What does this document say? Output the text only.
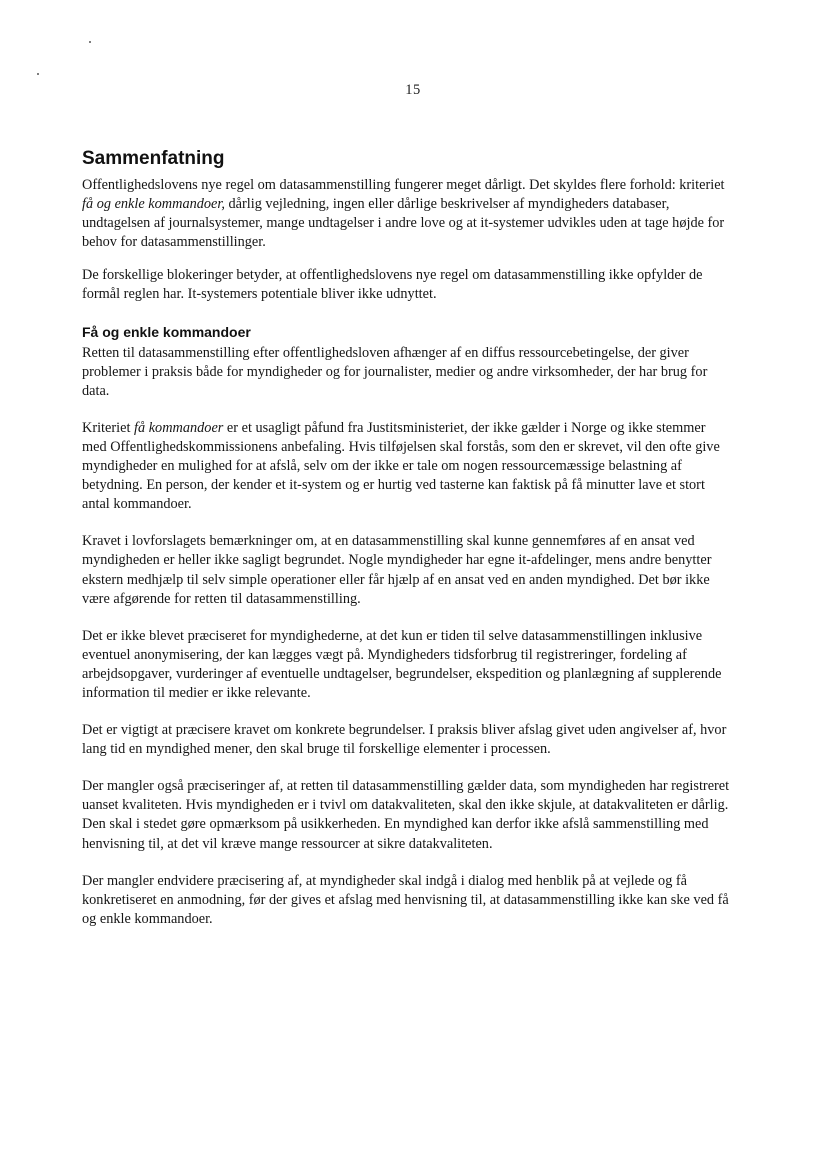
15
Sammenfatning

Offentlighedslovens nye regel om datasammenstilling fungerer meget dårligt. Det skyldes flere forhold: kriteriet få og enkle kommandoer, dårlig vejledning, ingen eller dårlige beskrivelser af myndigheders databaser, undtagelsen af journalsystemer, mange undtagelser i andre love og at it-systemer udvikles uden at tage højde for behov for datasammenstillinger.

De forskellige blokeringer betyder, at offentlighedslovens nye regel om datasammenstilling ikke opfylder de formål reglen har. It-systemers potentiale bliver ikke udnyttet.

Få og enkle kommandoer

Retten til datasammenstilling efter offentlighedsloven afhænger af en diffus ressourcebetingelse, der giver problemer i praksis både for myndigheder og for journalister, medier og andre virksomheder, der har brug for data.

Kriteriet få kommandoer er et usagligt påfund fra Justitsministeriet, der ikke gælder i Norge og ikke stemmer med Offentlighedskommissionens anbefaling. Hvis tilføjelsen skal forstås, som den er skrevet, vil den ofte give myndigheder en mulighed for at afslå, selv om der ikke er tale om nogen ressourcemæssige belastning af betydning. En person, der kender et it-system og er hurtig ved tasterne kan faktisk på få minutter lave et stort antal kommandoer.

Kravet i lovforslagets bemærkninger om, at en datasammenstilling skal kunne gennemføres af en ansat ved myndigheden er heller ikke sagligt begrundet. Nogle myndigheder har egne it-afdelinger, mens andre benytter ekstern medhjælp til selv simple operationer eller får hjælp af en ansat ved en anden myndighed. Det bør ikke være afgørende for retten til datasammenstilling.

Det er ikke blevet præciseret for myndighederne, at det kun er tiden til selve datasammenstillingen inklusive eventuel anonymisering, der kan lægges vægt på. Myndigheders tidsforbrug til registreringer, fordeling af arbejdsopgaver, vurderinger af eventuelle undtagelser, begrundelser, ekspedition og planlægning af supplerende information til medier er ikke relevante.

Det er vigtigt at præcisere kravet om konkrete begrundelser. I praksis bliver afslag givet uden angivelser af, hvor lang tid en myndighed mener, den skal bruge til forskellige elementer i processen.

Der mangler også præciseringer af, at retten til datasammenstilling gælder data, som myndigheden har registreret uanset kvaliteten. Hvis myndigheden er i tvivl om datakvaliteten, skal den ikke skjule, at datakvaliteten er dårlig. Den skal i stedet gøre opmærksom på usikkerheden. En myndighed kan derfor ikke afslå sammenstilling med henvisning til, at det vil kræve mange ressourcer at sikre datakvaliteten.

Der mangler endvidere præcisering af, at myndigheder skal indgå i dialog med henblik på at vejlede og få konkretiseret en anmodning, før der gives et afslag med henvisning til, at datasammenstilling ikke kan ske ved få og enkle kommandoer.
